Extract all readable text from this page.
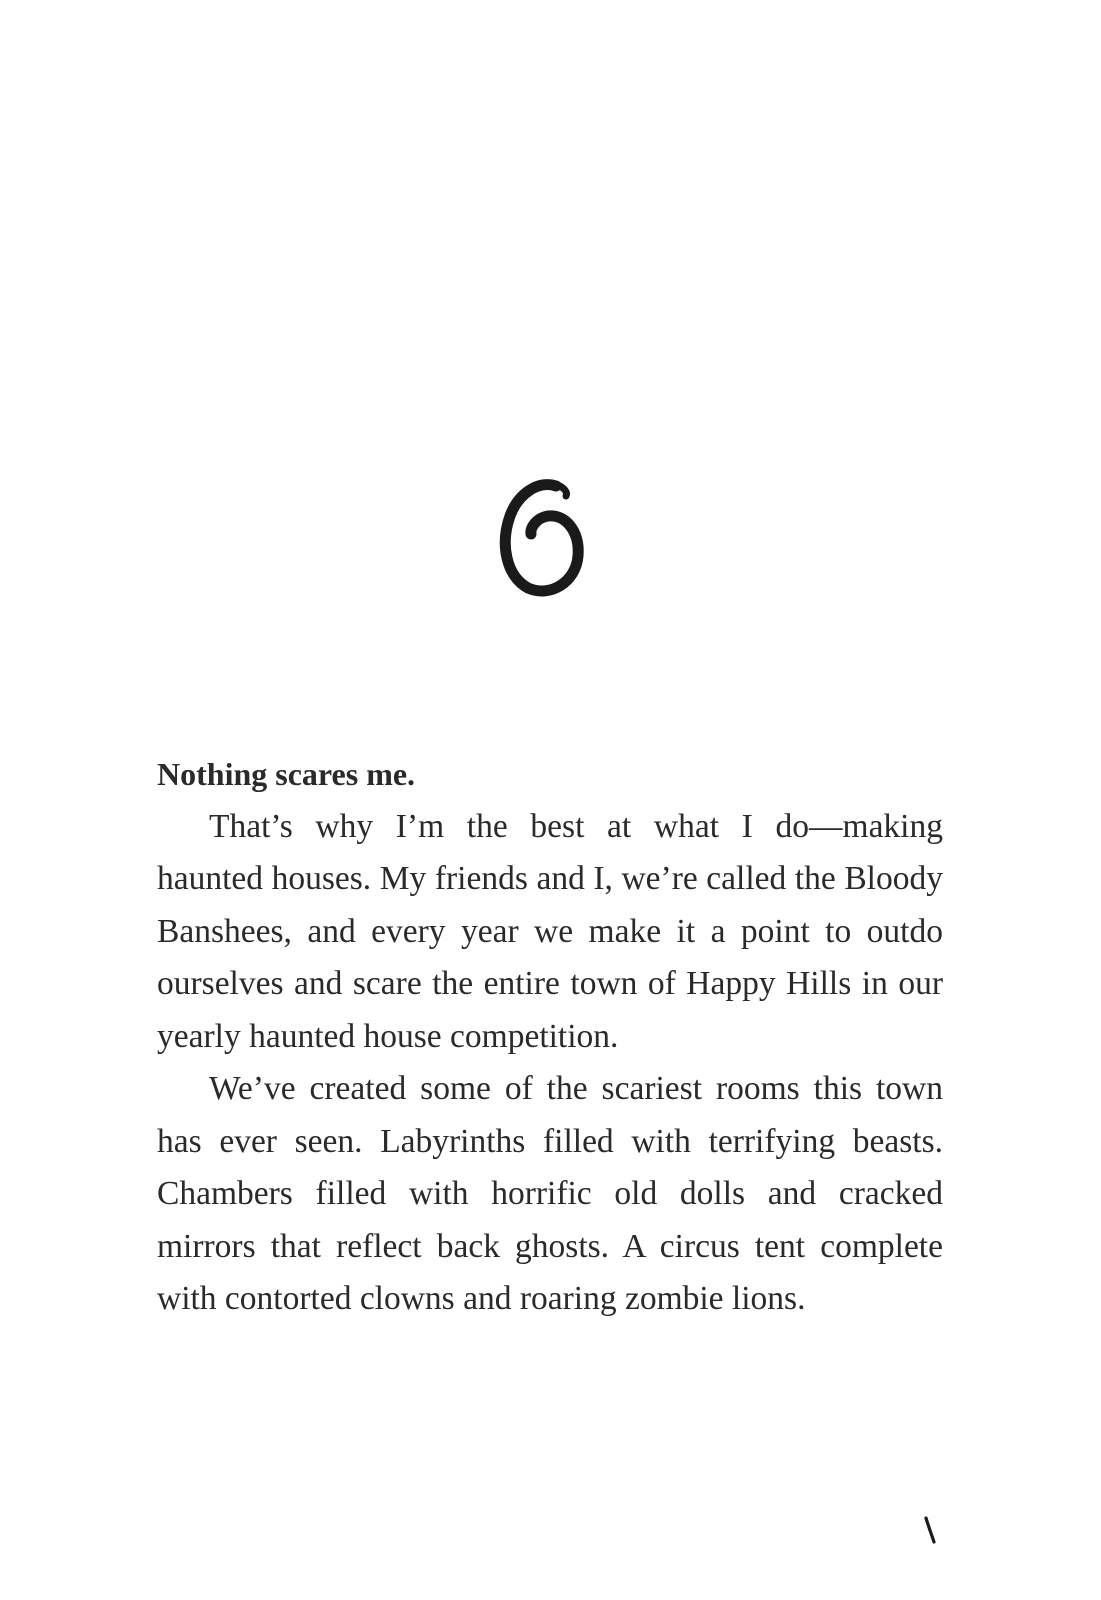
Nothing scares me.

That’s why I’m the best at what I do—making haunted houses. My friends and I, we’re called the Bloody Banshees, and every year we make it a point to outdo ourselves and scare the entire town of Happy Hills in our yearly haunted house competition.

We’ve created some of the scariest rooms this town has ever seen. Labyrinths filled with terrifying beasts. Chambers filled with horrific old dolls and cracked mirrors that reflect back ghosts. A circus tent complete with contorted clowns and roaring zombie lions.
